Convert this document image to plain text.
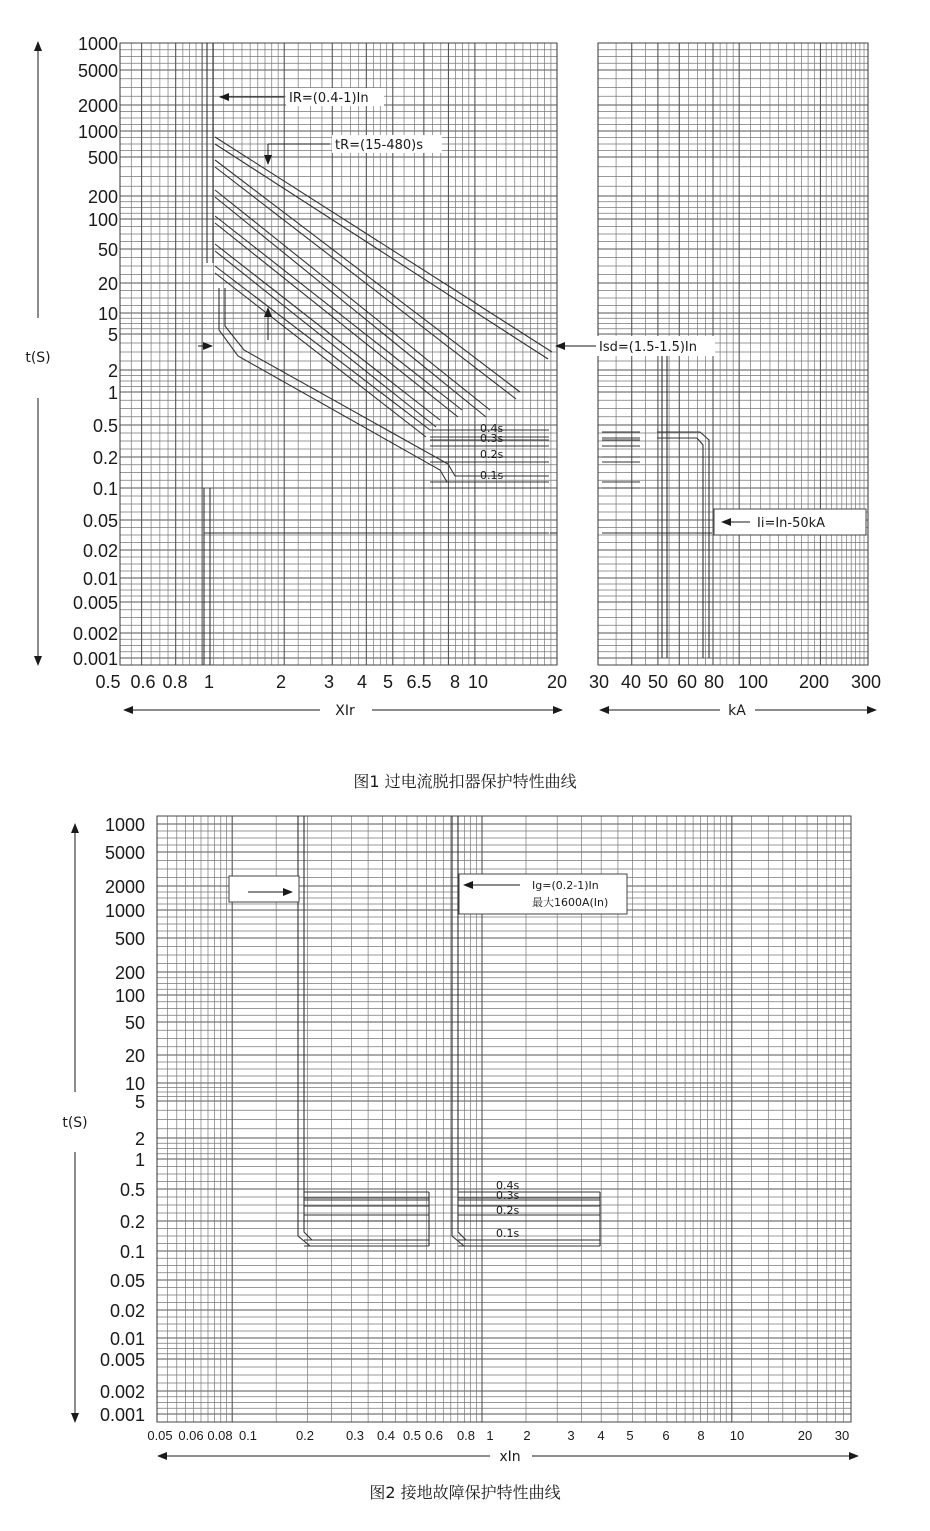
1000
5000
2000
1000
500
200
100
50
20
10
5
2
1
0.5
0.2
0.1
0.05
0.02
0.01
0.005
0.002
0.001
0.5 0.6 0.8 1	2 3 4 5 6.5 8 10	20 30 40 50 60 80 100 200 300
t(S)
XIr	kA
IR=(0.4-1)In
tR=(15-480)s
Isd=(1.5-1.5)In
Ii=In-50kA
0.4s
0.3s
0.2s
0.1s
图1 过电流脱扣器保护特性曲线
1000
5000
2000
1000
500
200
100
50
20
10
5
2
1
0.5
0.2
0.1
0.05
0.02
0.01
0.005
0.002
0.001
0.05 0.06 0.08 0.1	0.2 0.3 0.4 0.5 0.6 0.8 1 2	3 4 5 6 8 10	20 30
t(S)
xIn
Ig=(0.2-1)In
最大1600A(In)
0.4s
0.3s
0.2s
0.1s
图2 接地故障保护特性曲线
